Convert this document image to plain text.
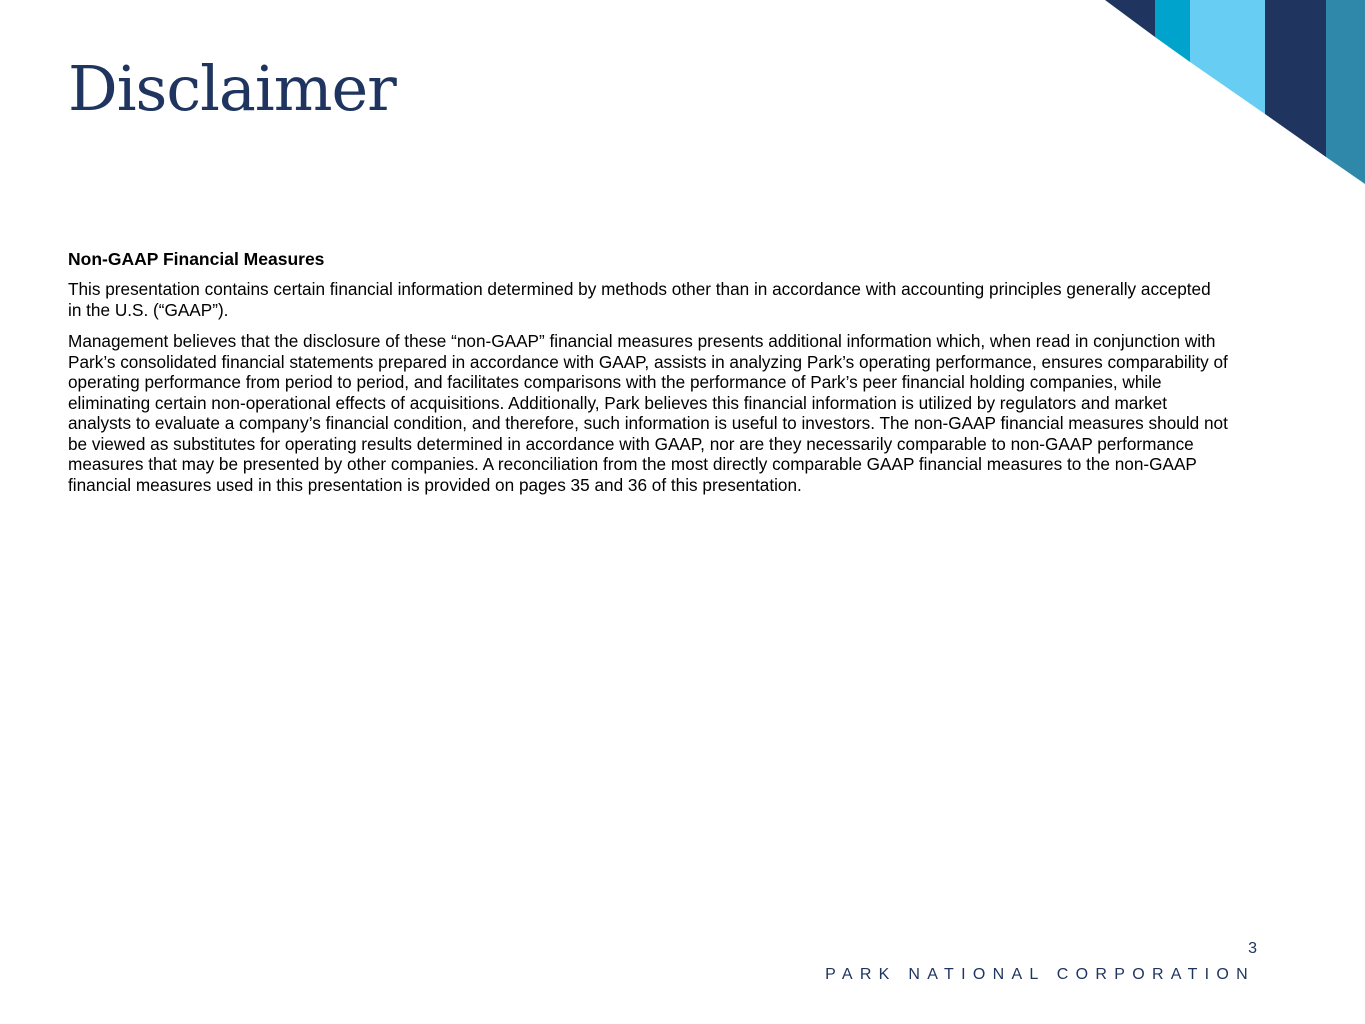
Disclaimer
Non-GAAP Financial Measures

This presentation contains certain financial information determined by methods other than in accordance with accounting principles generally accepted in the U.S. (“GAAP”).

Management believes that the disclosure of these “non-GAAP” financial measures presents additional information which, when read in conjunction with Park’s consolidated financial statements prepared in accordance with GAAP, assists in analyzing Park’s operating performance, ensures comparability of operating performance from period to period, and facilitates comparisons with the performance of Park’s peer financial holding companies, while eliminating certain non-operational effects of acquisitions. Additionally, Park believes this financial information is utilized by regulators and market analysts to evaluate a company’s financial condition, and therefore, such information is useful to investors. The non-GAAP financial measures should not be viewed as substitutes for operating results determined in accordance with GAAP, nor are they necessarily comparable to non-GAAP performance measures that may be presented by other companies. A reconciliation from the most directly comparable GAAP financial measures to the non-GAAP financial measures used in this presentation is provided on pages 35 and 36 of this presentation.

3
PARK NATIONAL CORPORATION
